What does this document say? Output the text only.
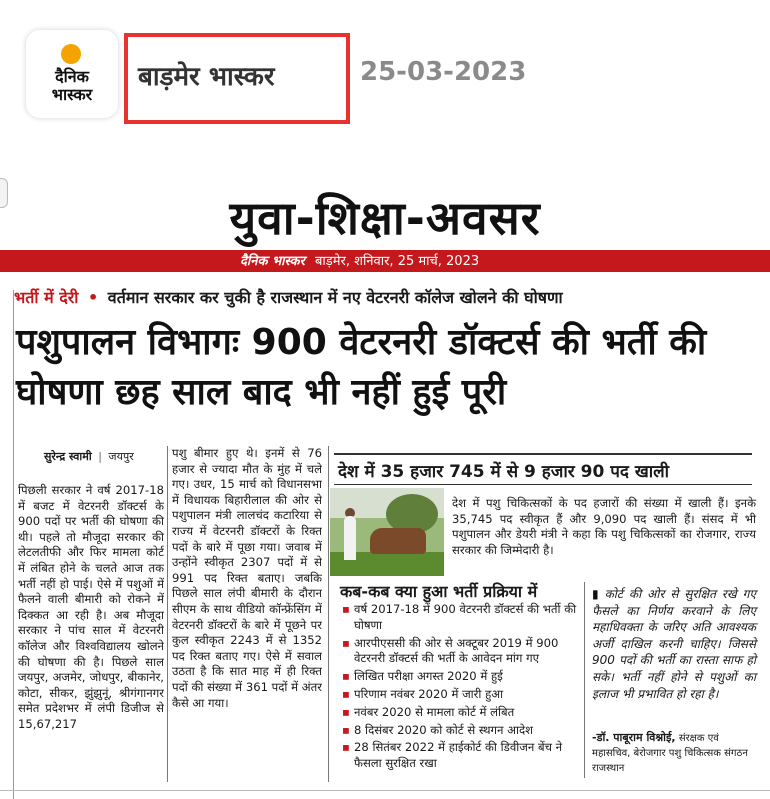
दैनिक
भास्कर
बाड़मेर भास्कर	25-03-2023
युवा-शिक्षा-अवसर
दैनिक भास्कर बाड़मेर, शनिवार, 25 मार्च, 2023
भर्ती में देरी • वर्तमान सरकार कर चुकी है राजस्थान में नए वेटरनरी कॉलेज खोलने की घोषणा
पशुपालन विभागः 900 वेटरनरी डॉक्टर्स की भर्ती की घोषणा छह साल बाद भी नहीं हुई पूरी
सुरेन्द्र स्वामी | जयपुर

पिछली सरकार ने वर्ष 2017-18 में बजट में वेटरनरी डॉक्टर्स के 900 पदों पर भर्ती की घोषणा की थी। पहले तो मौजूदा सरकार की लेटलतीफी और फिर मामला कोर्ट में लंबित होने के चलते आज तक भर्ती नहीं हो पाई। ऐसे में पशुओं में फैलने वाली बीमारी को रोकने में दिक्कत आ रही है। अब मौजूदा सरकार ने पांच साल में वेटरनरी कॉलेज और विश्वविद्यालय खोलने की घोषणा की है। पिछले साल जयपुर, अजमेर, जोधपुर, बीकानेर, कोटा, सीकर, झुंझुनूं, श्रीगंगानगर समेत प्रदेशभर में लंपी डिजीज से 15,67,217

पशु बीमार हुए थे। इनमें से 76 हजार से ज्यादा मौत के मुंह में चले गए। उधर, 15 मार्च को विधानसभा में विधायक बिहारीलाल की ओर से पशुपालन मंत्री लालचंद कटारिया से राज्य में वेटरनरी डॉक्टरों के रिक्त पदों के बारे में पूछा गया। जवाब में उन्होंने स्वीकृत 2307 पदों में से 991 पद रिक्त बताए। जबकि पिछले साल लंपी बीमारी के दौरान सीएम के साथ वीडियो कॉन्फ्रेंसिंग में वेटरनरी डॉक्टरों के बारे में पूछने पर कुल स्वीकृत 2243 में से 1352 पद रिक्त बताए गए। ऐसे में सवाल उठता है कि सात माह में ही रिक्त पदों की संख्या में 361 पदों में अंतर कैसे आ गया।

देश में 35 हजार 745 में से 9 हजार 90 पद खाली
देश में पशु चिकित्सकों के पद हजारों की संख्या में खाली हैं। इनके 35,745 पद स्वीकृत हैं और 9,090 पद खाली हैं। संसद में भी पशुपालन और डेयरी मंत्री ने कहा कि पशु चिकित्सकों का रोजगार, राज्य सरकार की जिम्मेदारी है।
कब-कब क्या हुआ भर्ती प्रक्रिया में
▪ वर्ष 2017-18 में 900 वेटरनरी डॉक्टर्स की भर्ती की घोषणा
▪ आरपीएससी की ओर से अक्टूबर 2019 में 900 वेटरनरी डॉक्टर्स की भर्ती के आवेदन मांग गए
▪ लिखित परीक्षा अगस्त 2020 में हुई
▪ परिणाम नवंबर 2020 में जारी हुआ
▪ नवंबर 2020 से मामला कोर्ट में लंबित
▪ 8 दिसंबर 2020 को कोर्ट से स्थगन आदेश
▪ 28 सितंबर 2022 में हाईकोर्ट की डिवीजन बेंच ने फैसला सुरक्षित रखा
▮ कोर्ट की ओर से सुरक्षित रखे गए फैसले का निर्णय करवाने के लिए महाधिवक्ता के जरिए अति आवश्यक अर्जी दाखिल करनी चाहिए। जिससे 900 पदों की भर्ती का रास्ता साफ हो सके। भर्ती नहीं होने से पशुओं का इलाज भी प्रभावित हो रहा है।
-डॉ. पाबूराम विश्नोई, संरक्षक एवं महासचिव, बेरोजगार पशु चिकित्सक संगठन राजस्थान
